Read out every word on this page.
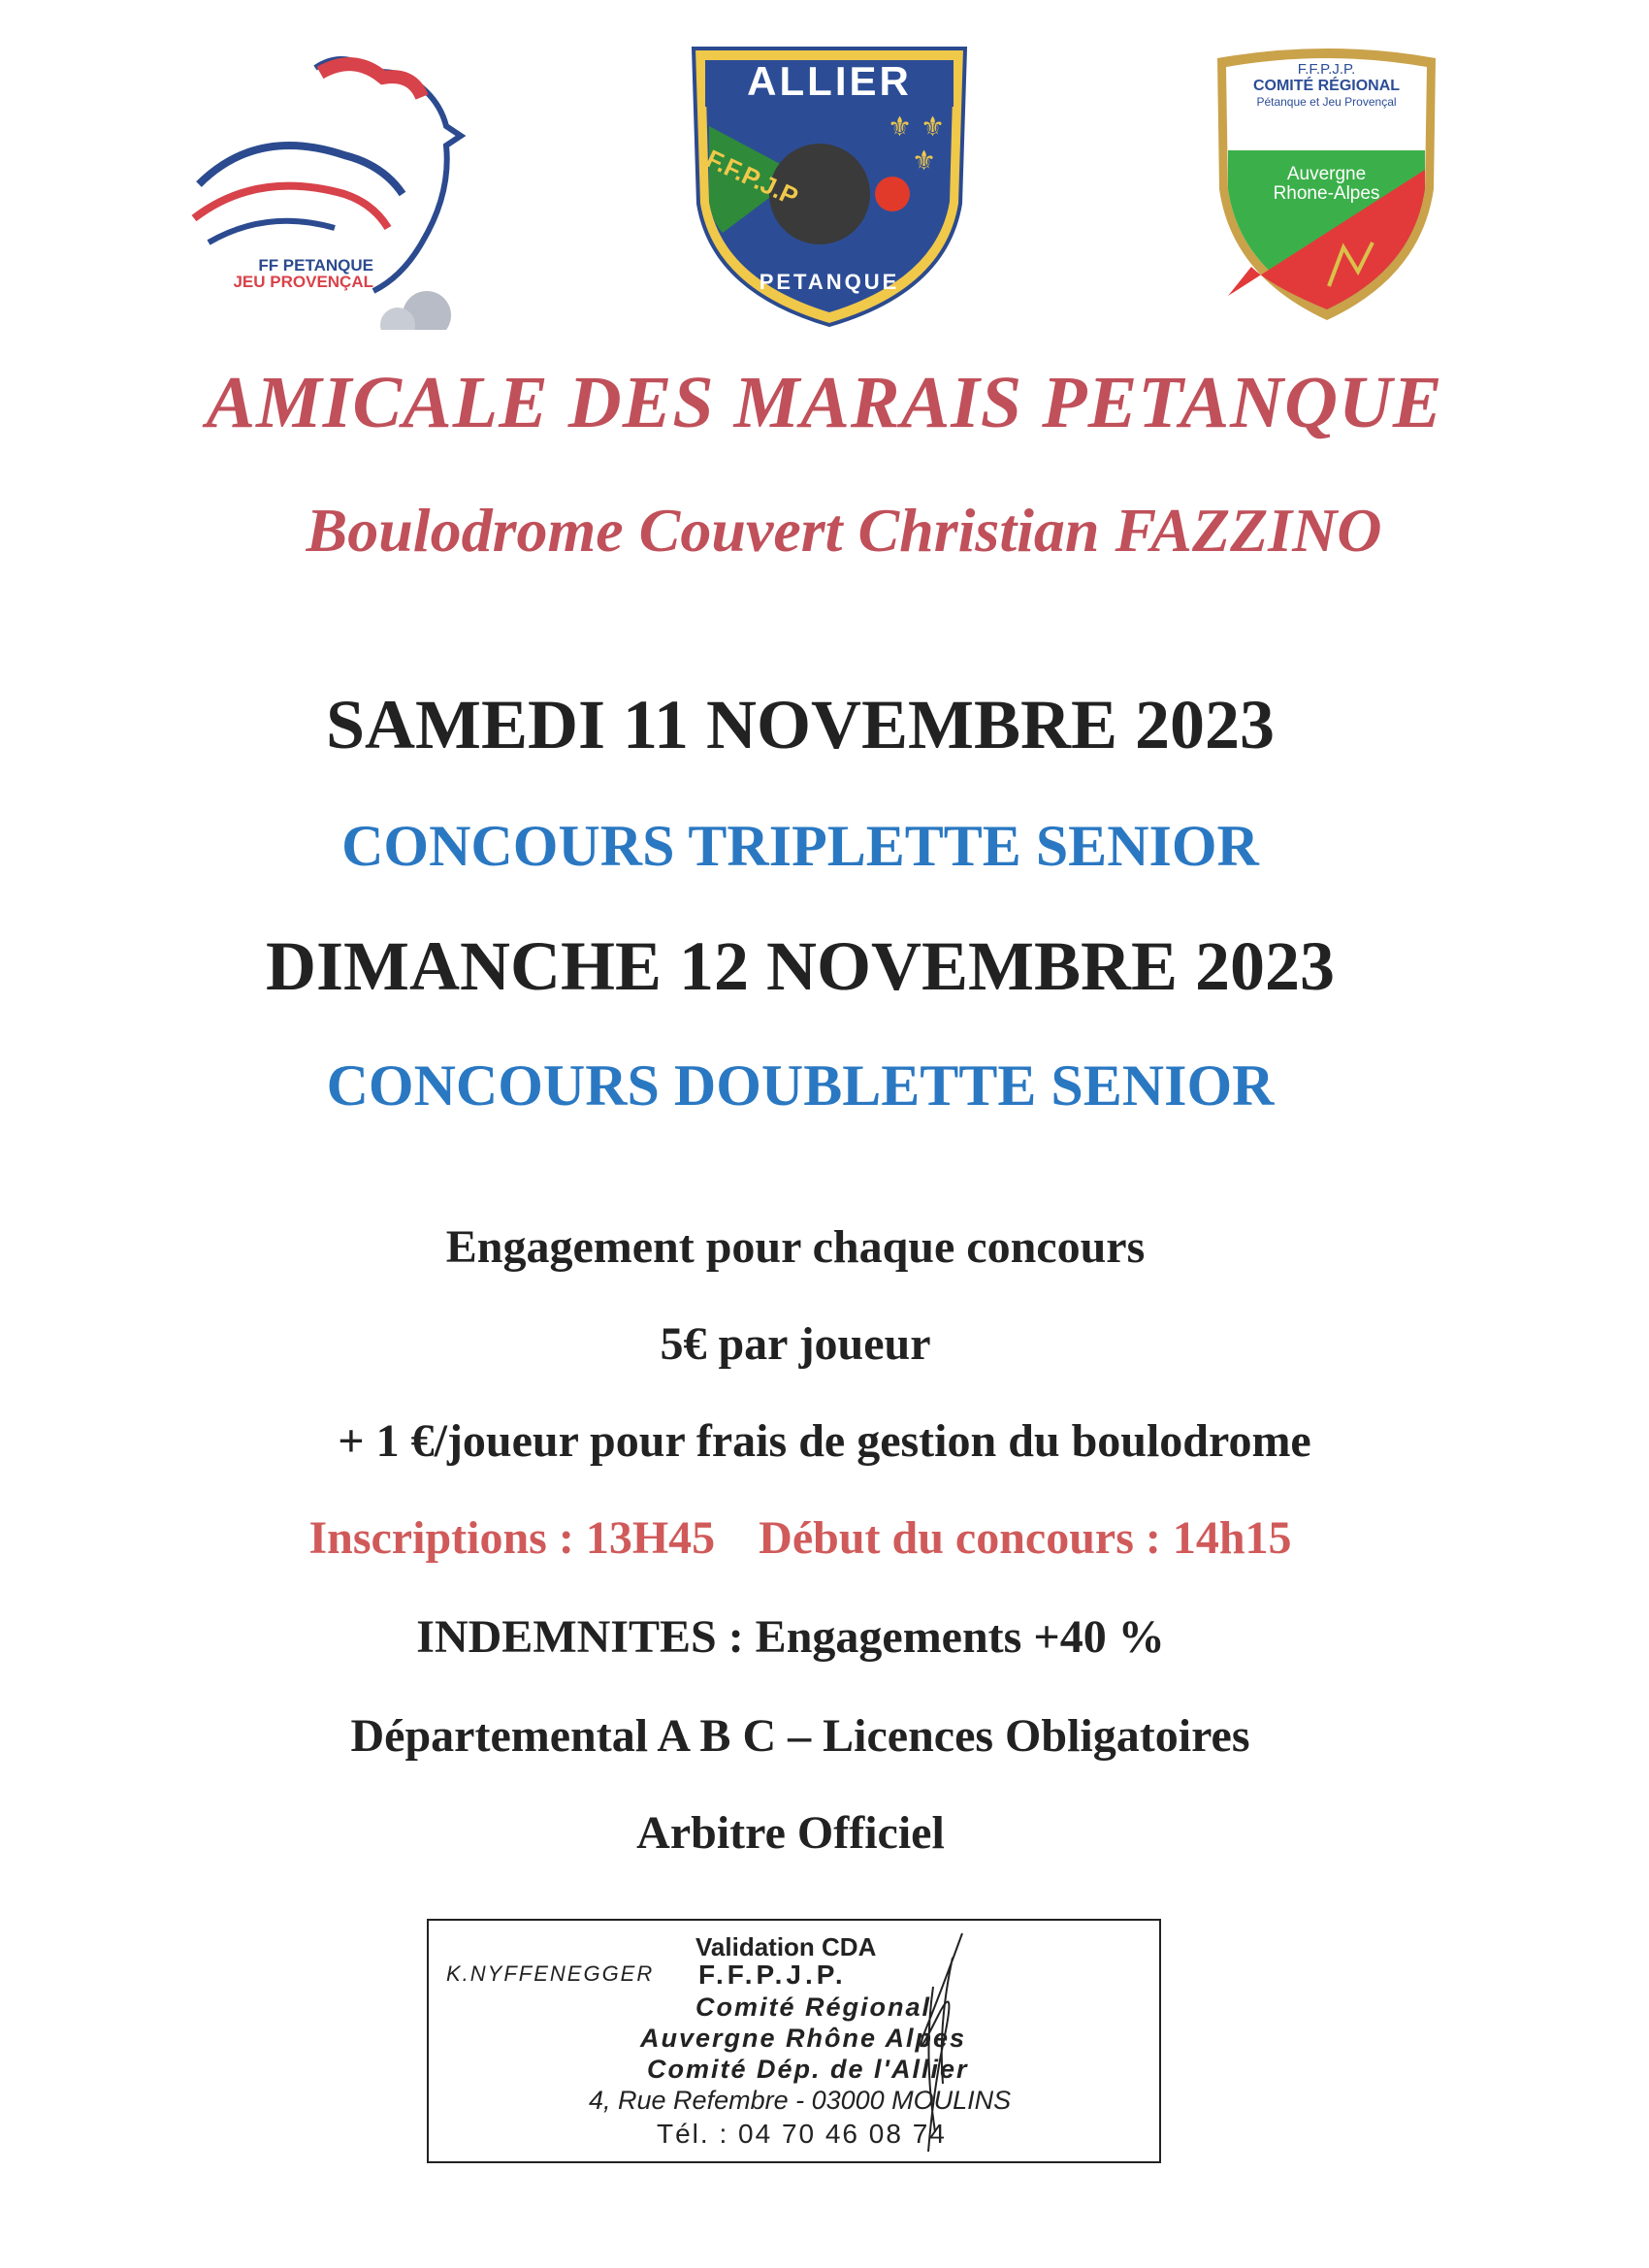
FF PETANQUE
JEU PROVENÇAL
⚜ ⚜
⚜
ALLIER
F.F.P.J.P
PETANQUE
F.F.P.J.P.
COMITÉ RÉGIONAL
Pétanque et Jeu Provençal
Auvergne
Rhone-Alpes
AMICALE DES MARAIS PETANQUE
Boulodrome Couvert Christian FAZZINO
SAMEDI 11 NOVEMBRE 2023
CONCOURS TRIPLETTE SENIOR
DIMANCHE 12 NOVEMBRE 2023
CONCOURS DOUBLETTE SENIOR
Engagement pour chaque concours
5€ par joueur
+ 1 €/joueur pour frais de gestion du boulodrome
Inscriptions : 13H45 Début du concours : 14h15
INDEMNITES : Engagements +40 %
Départemental A B C – Licences Obligatoires
Arbitre Officiel
Validation CDA
K.NYFFENEGGER F.F.P.J.P.
Comité Régional
Auvergne Rhône Alpes
Comité Dép. de l'Allier
4, Rue Refembre - 03000 MOULINS
Tél. : 04 70 46 08 74
